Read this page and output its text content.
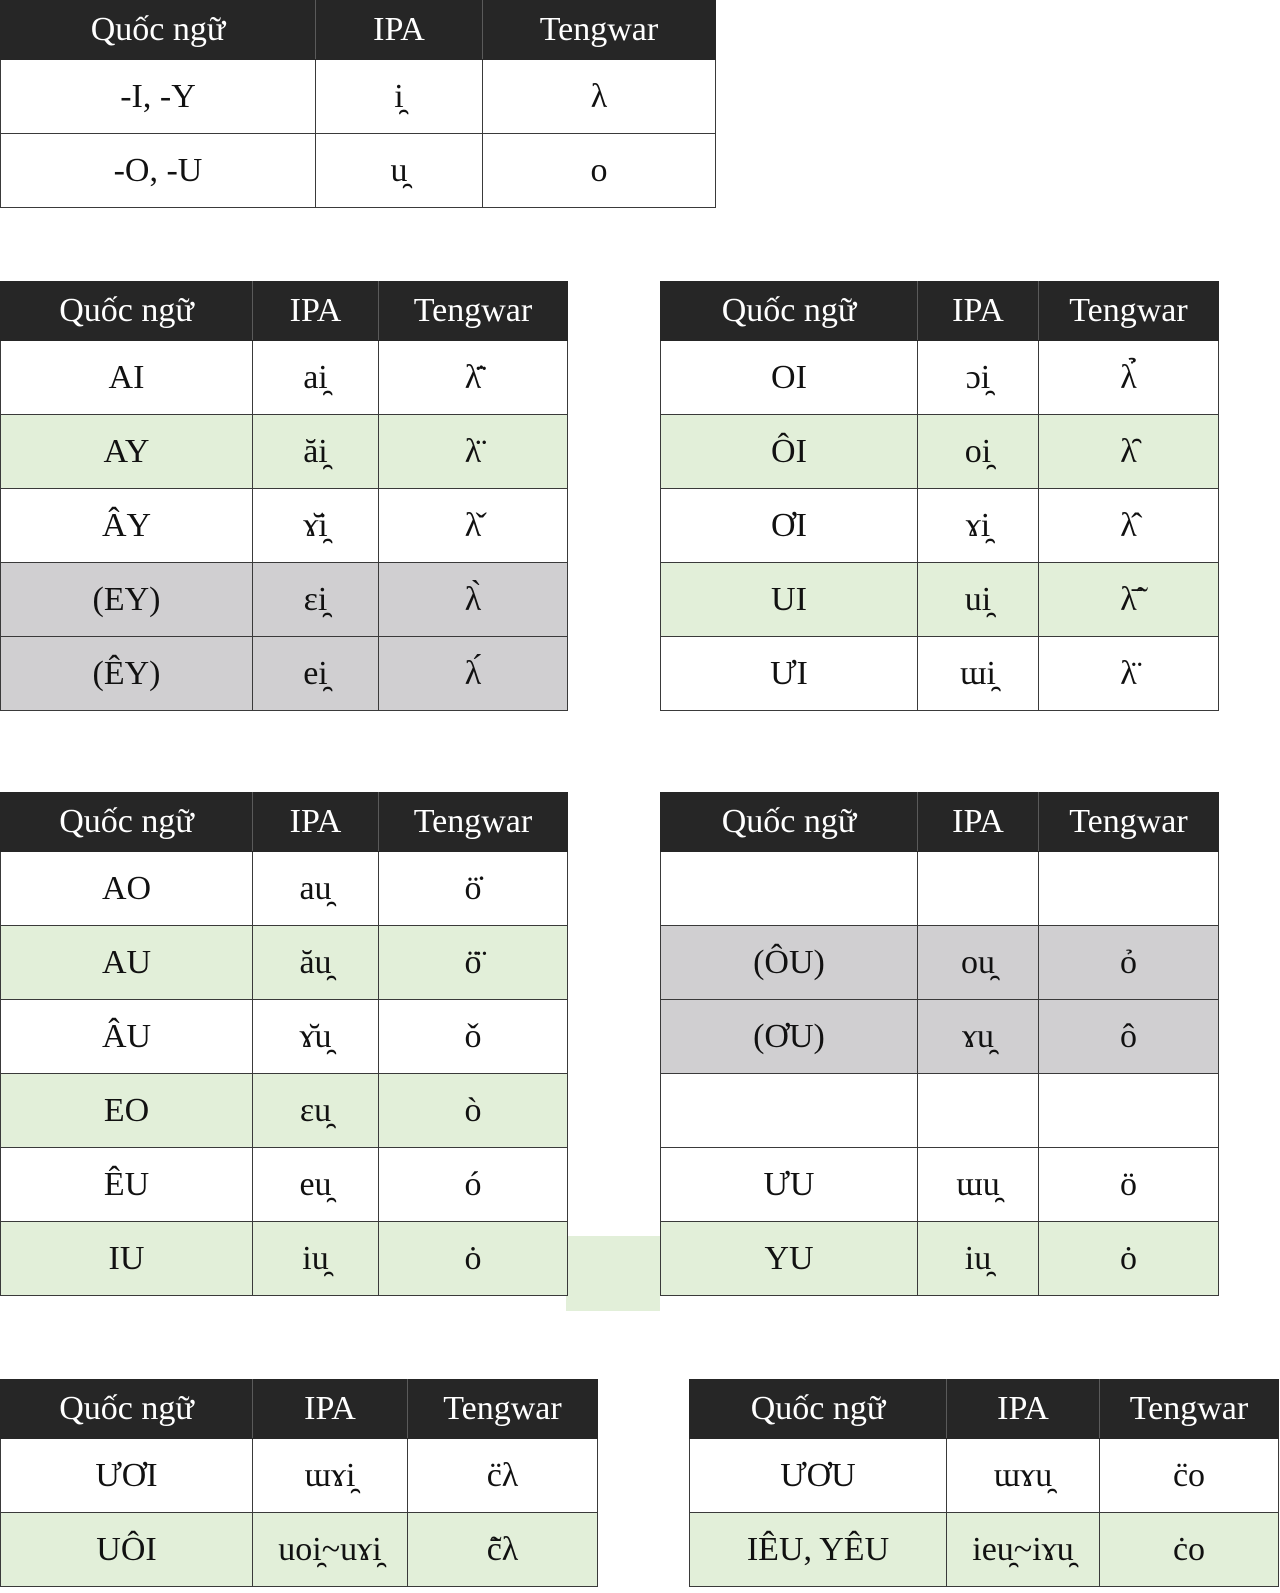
Quốc ngữ	IPA	Tengwar
-I, -Y	i̯	λ
-O, -U	u̯	o
Quốc ngữ	IPA	Tengwar
AI	ai̯	λ̈̇
AY	ăi̯	λ̈̈
ÂY	ɤ̆i̯	λ̌
(EY)	ɛi̯	λ̀
(ÊY)	ei̯	λ́
Quốc ngữ	IPA	Tengwar
OI	ɔi̯	λ̉
ÔI	oi̯	λ̑
ƠI	ɤi̯	λ̂
UI	ui̯	λ̄̃
ƯI	ɯi̯	λ̈
Quốc ngữ	IPA	Tengwar
AO	au̯	ö̇
AU	ău̯	ö̈
ÂU	ɤ̆u̯	ǒ
EO	ɛu̯	ò
ÊU	eu̯	ó
IU	iu̯	ȯ
Quốc ngữ	IPA	Tengwar

(ÔU)	ou̯	ỏ
(ƠU)	ɤu̯	ô

ƯU	ɯu̯	ö
YU	iu̯	ȯ
Quốc ngữ	IPA	Tengwar
ƯƠI	ɯɤi̯	c̈λ
UÔI	uoi̯~uɤi̯	c̄̃λ
Quốc ngữ	IPA	Tengwar
ƯƠU	ɯɤu̯	c̈o
IÊU, YÊU	ieu̯~iɤu̯	ċo
